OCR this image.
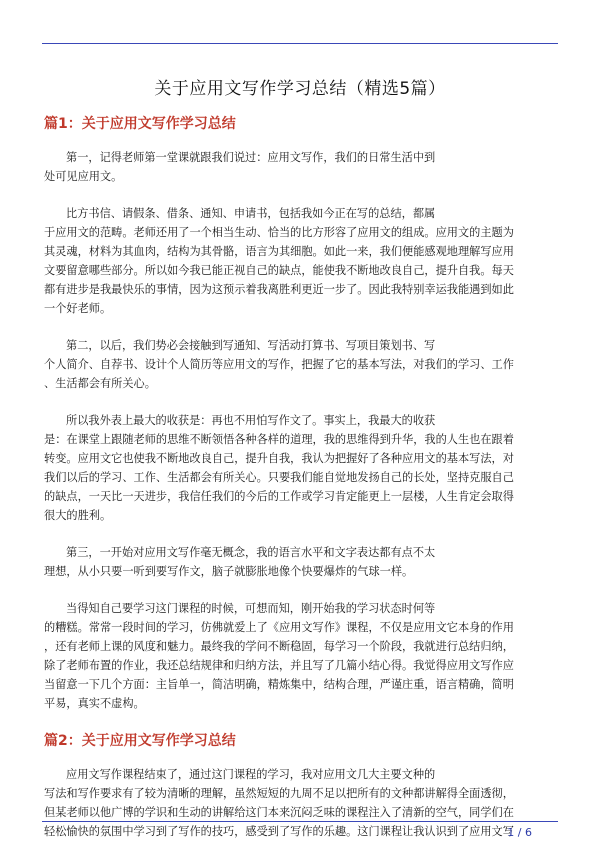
关于应用文写作学习总结（精选5篇）
篇1：关于应用文写作学习总结
第一，记得老师第一堂课就跟我们说过：应用文写作，我们的日常生活中到
处可见应用文。
比方书信、请假条、借条、通知、申请书，包括我如今正在写的总结，都属
于应用文的范畴。老师还用了一个相当生动、恰当的比方形容了应用文的组成。应用文的主题为
其灵魂，材料为其血肉，结构为其骨骼，语言为其细胞。如此一来，我们便能感观地理解写应用
文要留意哪些部分。所以如今我已能正视自己的缺点，能使我不断地改良自己，提升自我。每天
都有进步是我最快乐的事情，因为这预示着我离胜利更近一步了。因此我特别幸运我能遇到如此
一个好老师。
第二，以后，我们势必会接触到写通知、写活动打算书、写项目策划书、写
个人简介、自荐书、设计个人简历等应用文的写作，把握了它的基本写法，对我们的学习、工作
、生活都会有所关心。
所以我外表上最大的收获是：再也不用怕写作文了。事实上，我最大的收获
是：在课堂上跟随老师的思维不断领悟各种各样的道理，我的思维得到升华，我的人生也在跟着
转变。应用文它也使我不断地改良自己，提升自我，我认为把握好了各种应用文的基本写法，对
我们以后的学习、工作、生活都会有所关心。只要我们能自觉地发扬自己的长处，坚持克服自己
的缺点，一天比一天进步，我信任我们的今后的工作或学习肯定能更上一层楼，人生肯定会取得
很大的胜利。
第三，一开始对应用文写作毫无概念，我的语言水平和文字表达都有点不太
理想，从小只要一听到要写作文，脑子就膨胀地像个快要爆炸的气球一样。
当得知自己要学习这门课程的时候，可想而知，刚开始我的学习状态时何等
的糟糕。常常一段时间的学习，仿佛就爱上了《应用文写作》课程，不仅是应用文它本身的作用
，还有老师上课的风度和魅力。最终我的学问不断稳固，每学习一个阶段，我就进行总结归纳，
除了老师布置的作业，我还总结规律和归纳方法，并且写了几篇小结心得。我觉得应用文写作应
当留意一下几个方面：主旨单一，简洁明确，精炼集中，结构合理，严谨庄重，语言精确，简明
平易，真实不虚构。
篇2：关于应用文写作学习总结
应用文写作课程结束了，通过这门课程的学习，我对应用文几大主要文种的
写法和写作要求有了较为清晰的理解，虽然短短的九周不足以把所有的文种都讲解得全面透彻，
但某老师以他广博的学识和生动的讲解给这门本来沉闷乏味的课程注入了清新的空气，同学们在
轻松愉快的氛围中学习到了写作的技巧，感受到了写作的乐趣。这门课程让我认识到了应用文写
1 / 6
